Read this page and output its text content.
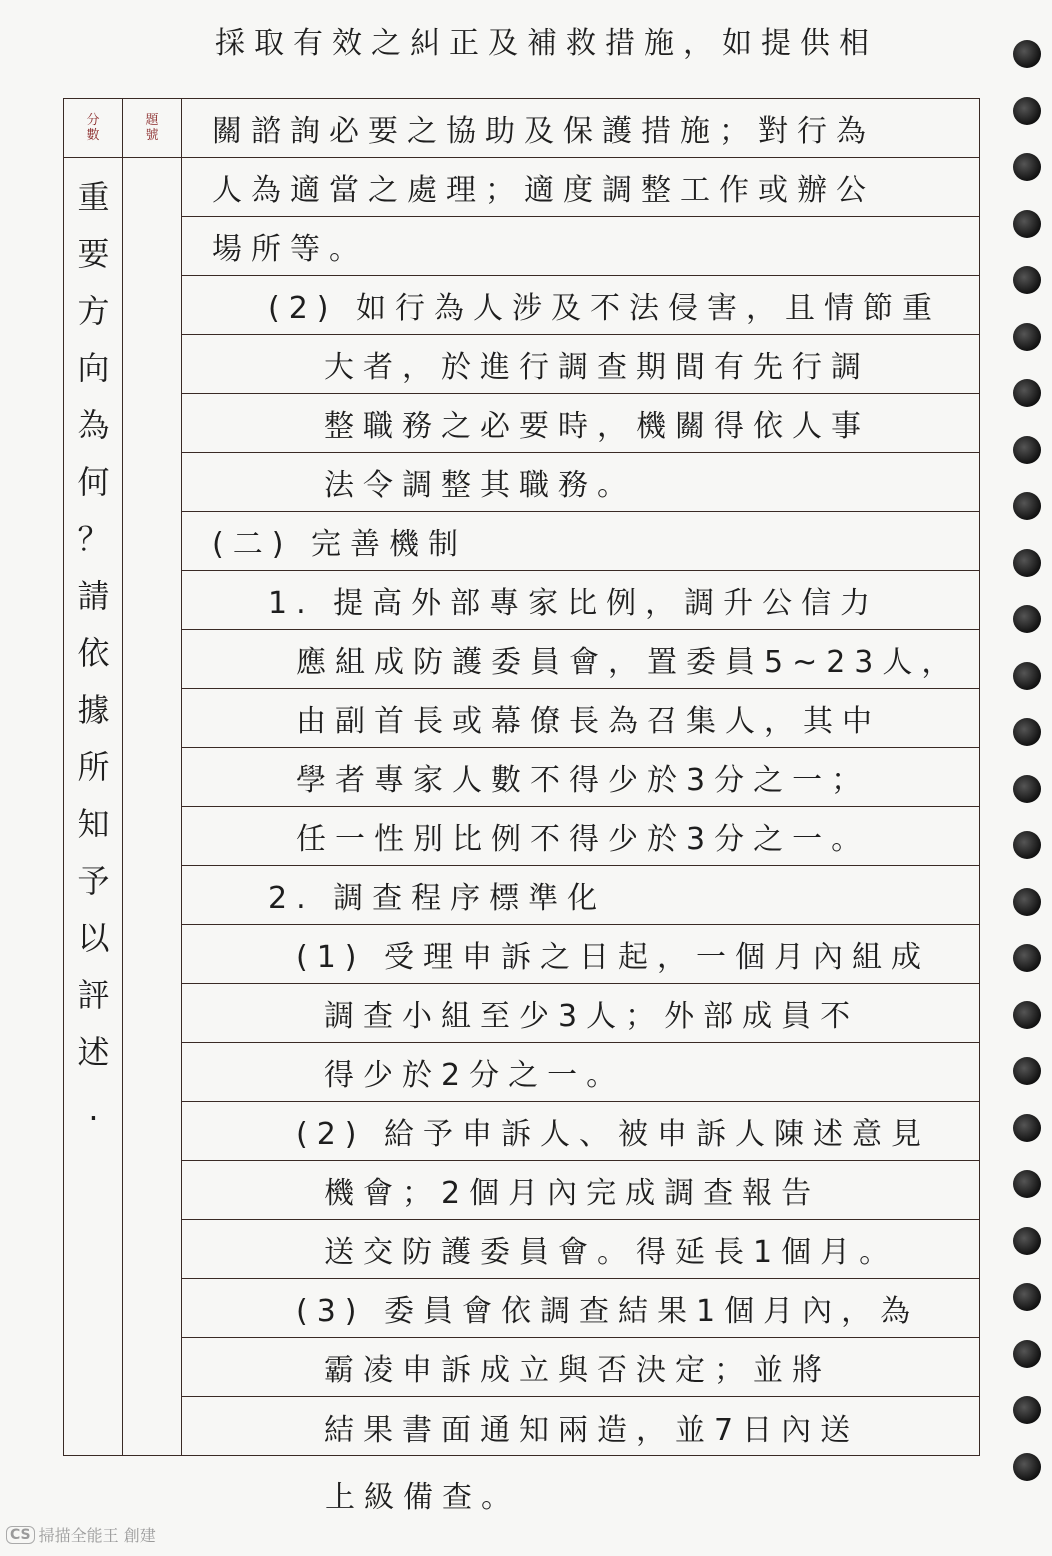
採取有效之糾正及補救措施，如提供相
分數
重
要
方
向
為
何
？
請
依
據
所
知
予
以
評
述
.
題號 關諮詢必要之協助及保護措施；對行為
人為適當之處理；適度調整工作或辦公
場所等。
(2) 如行為人涉及不法侵害，且情節重
大者，於進行調查期間有先行調
整職務之必要時，機關得依人事
法令調整其職務。
(二) 完善機制
1. 提高外部專家比例，調升公信力
應組成防護委員會，置委員5~23人，
由副首長或幕僚長為召集人，其中
學者專家人數不得少於3分之一；
任一性別比例不得少於3分之一。
2. 調查程序標準化
(1) 受理申訴之日起，一個月內組成
調查小組至少3人；外部成員不
得少於2分之一。
(2) 給予申訴人、被申訴人陳述意見
機會；2個月內完成調查報告
送交防護委員會。得延長1個月。
(3) 委員會依調查結果1個月內，為
霸凌申訴成立與否決定；並將
結果書面通知兩造，並7日內送
上級備查。
CS 掃描全能王 創建
